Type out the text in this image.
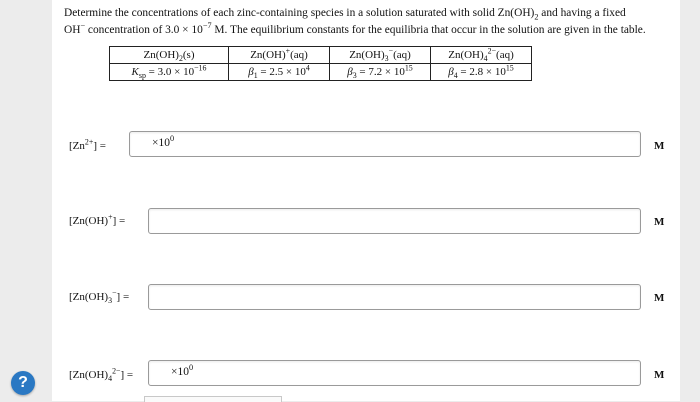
Determine the concentrations of each zinc-containing species in a solution saturated with solid $Zn(OH)_2$ and having a fixed
OH− concentration of $3.0 \times 10^{-7}$ M. The equilibrium constants for the equilibria that occur in the solution are given in the table.
$Zn(OH)_2(s)$	Zn(OH)+(aq)	$Zn(OH)_3^-(aq)$	$Zn(OH)_4^{2-}(aq)$
$K_{sp} = 3.0 \times 10^{-16}$	$\beta_1 = 2.5 \times 10^4$	$\beta_3 = 7.2 \times 10^{15}$	$\beta_4 = 2.8 \times 10^{15}$
$[Zn^{2+}]$ =	$\times 10^0$
M
[Zn(OH)+] =	M
$[Zn(OH)_3^-]$ =	M
$[Zn(OH)_4^{2-}]$ =	$\times 10^0$
M
?
